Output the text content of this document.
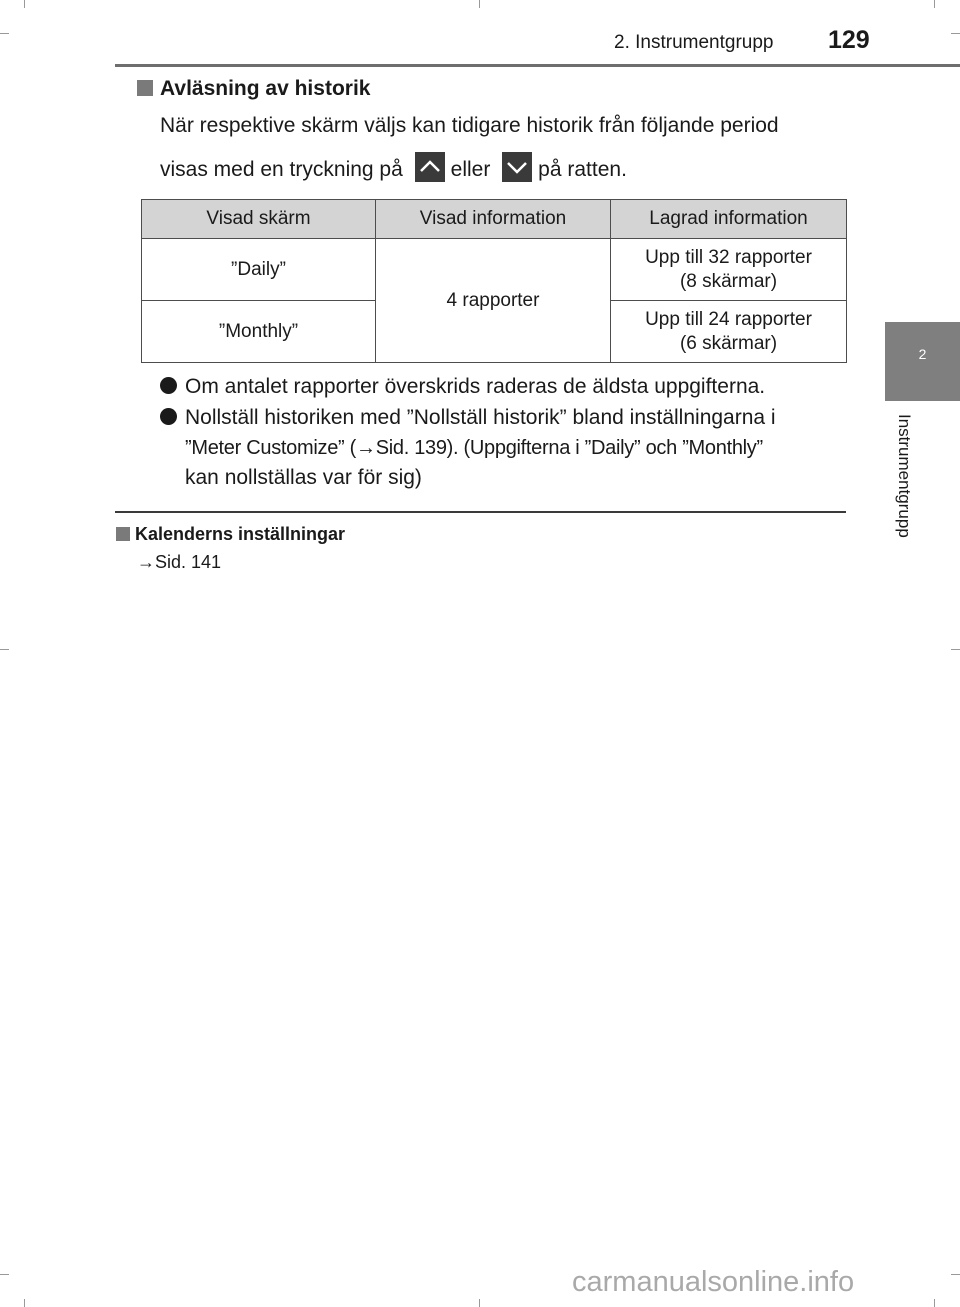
2. Instrumentgrupp 129
2
Instrumentgrupp
Avläsning av historik
När respektive skärm väljs kan tidigare historik från följande period
visas med en tryckning på eller på ratten.
Visad skärm	Visad information	Lagrad information
”Daily”	4 rapporter	Upp till 32 rapporter
(8 skärmar)

”Monthly”		Upp till 24 rapporter
(6 skärmar)
Om antalet rapporter överskrids raderas de äldsta uppgifterna.
Nollställ historiken med ”Nollställ historik” bland inställningarna i
”Meter Customize” (→Sid. 139). (Uppgifterna i ”Daily” och ”Monthly”
kan nollställas var för sig)
Kalenderns inställningar
→Sid. 141
carmanualsonline.info
